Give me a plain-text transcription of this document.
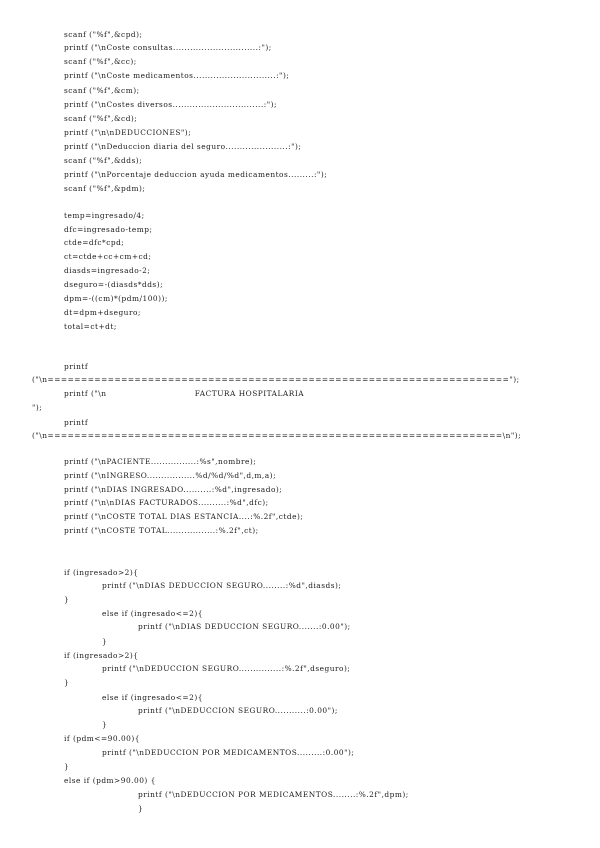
scanf ("%f",&cpd);
printf ("\nCoste consultas..............................:");
scanf ("%f",&cc);
printf ("\nCoste medicamentos.............................:");
scanf ("%f",&cm);
printf ("\nCostes diversos................................:");
scanf ("%f",&cd);
printf ("\n\nDEDUCCIONES");
printf ("\nDeduccion diaria del seguro......................:");
scanf ("%f",&dds);
printf ("\nPorcentaje deduccion ayuda medicamentos.........:");
scanf ("%f",&pdm);
temp=ingresado/4;
dfc=ingresado-temp;
ctde=dfc*cpd;
ct=ctde+cc+cm+cd;
diasds=ingresado-2;
dseguro=-(diasds*dds);
dpm=-((cm)*(pdm/100));
dt=dpm+dseguro;
total=ct+dt;
printf
("\n=====================================================================");
printf ("\n                               FACTURA HOSPITALARIA
");
printf
("\n====================================================================\n");
printf ("\nPACIENTE................:%s",nombre);
printf ("\nINGRESO.................%d/%d/%d",d,m,a);
printf ("\nDIAS INGRESADO..........:%d",ingresado);
printf ("\n\nDIAS FACTURADOS..........:%d",dfc);
printf ("\nCOSTE TOTAL DIAS ESTANCIA....:%.2f",ctde);
printf ("\nCOSTE TOTAL.................:%.2f",ct);
if (ingresado>2){
printf ("\nDIAS DEDUCCION SEGURO........:%d",diasds);
}
else if (ingresado<=2){
printf ("\nDIAS DEDUCCION SEGURO.......:0.00");
}
if (ingresado>2){
printf ("\nDEDUCCION SEGURO...............:%.2f",dseguro);
}
else if (ingresado<=2){
printf ("\nDEDUCCION SEGURO...........:0.00");
}
if (pdm<=90.00){
printf ("\nDEDUCCION POR MEDICAMENTOS.........:0.00");
}
else if (pdm>90.00) {
printf ("\nDEDUCCION POR MEDICAMENTOS........:%.2f",dpm);
}
